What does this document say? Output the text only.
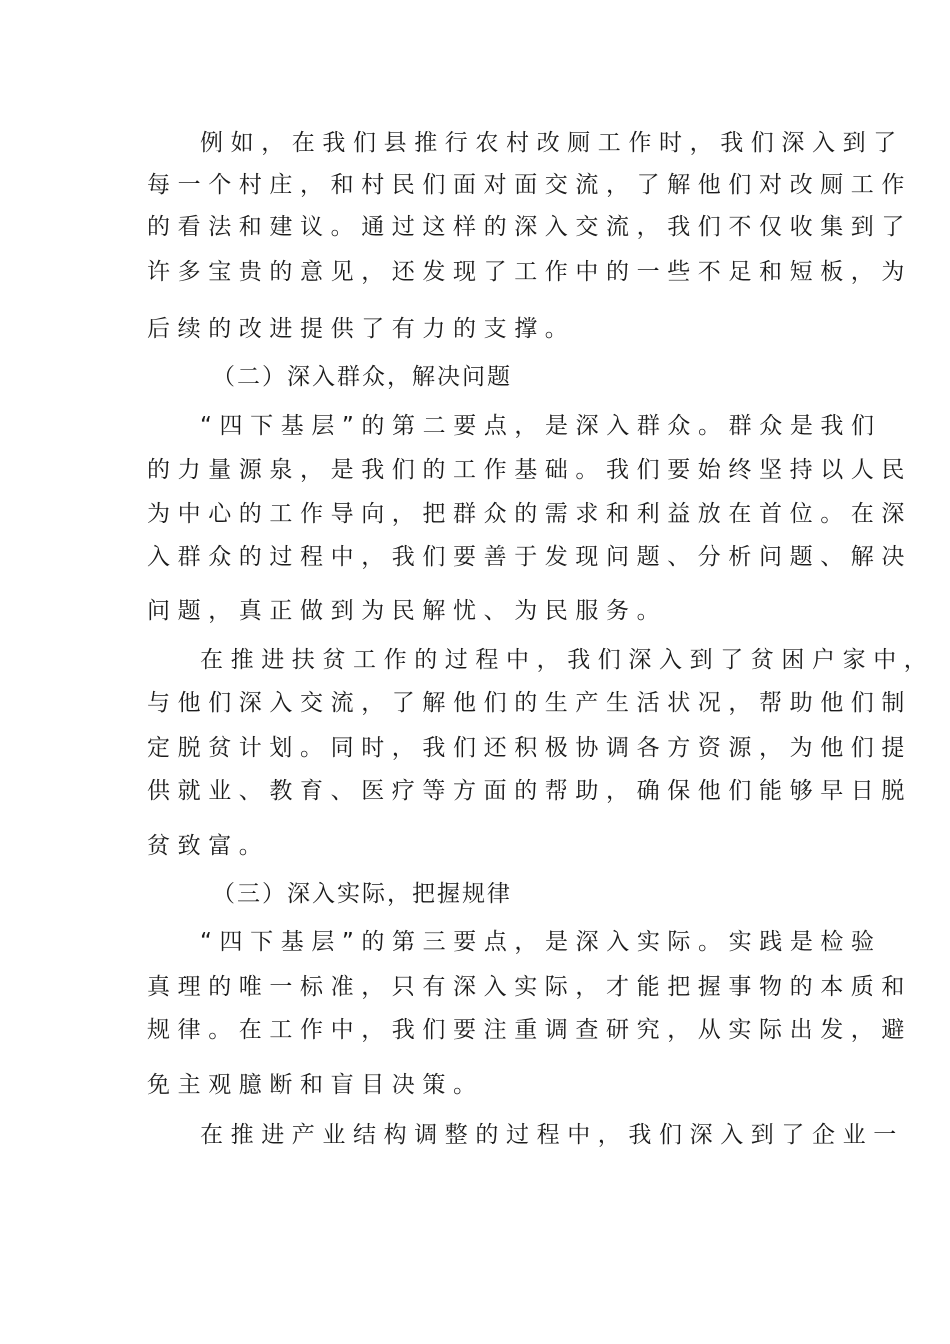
例如，在我们县推行农村改厕工作时，我们深入到了
每一个村庄，和村民们面对面交流，了解他们对改厕工作
的看法和建议。通过这样的深入交流，我们不仅收集到了
许多宝贵的意见，还发现了工作中的一些不足和短板，为
后续的改进提供了有力的支撑。
（二）深入群众，解决问题
“四下基层”的第二要点，是深入群众。群众是我们
的力量源泉，是我们的工作基础。我们要始终坚持以人民
为中心的工作导向，把群众的需求和利益放在首位。在深
入群众的过程中，我们要善于发现问题、分析问题、解决
问题，真正做到为民解忧、为民服务。
在推进扶贫工作的过程中，我们深入到了贫困户家中，
与他们深入交流，了解他们的生产生活状况，帮助他们制
定脱贫计划。同时，我们还积极协调各方资源，为他们提
供就业、教育、医疗等方面的帮助，确保他们能够早日脱
贫致富。
（三）深入实际，把握规律
“四下基层”的第三要点，是深入实际。实践是检验
真理的唯一标准，只有深入实际，才能把握事物的本质和
规律。在工作中，我们要注重调查研究，从实际出发，避
免主观臆断和盲目决策。
在推进产业结构调整的过程中，我们深入到了企业一
